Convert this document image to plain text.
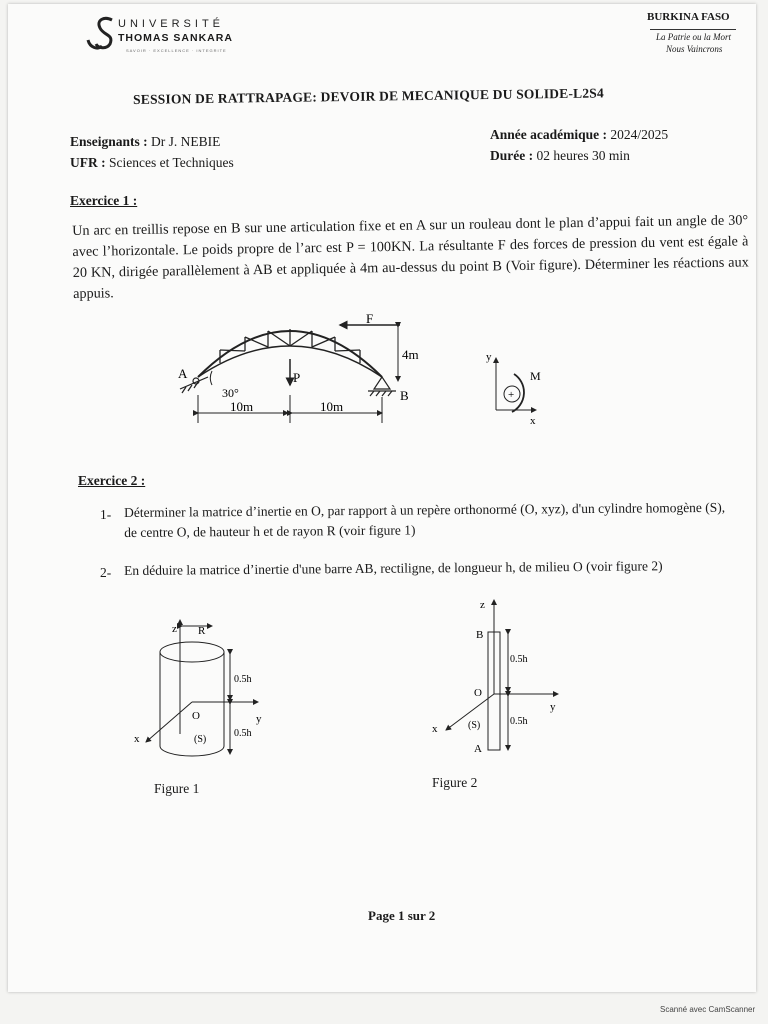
UNIVERSITÉ
THOMAS SANKARA
SAVOIR · EXCELLENCE · INTEGRITE
BURKINA FASO
La Patrie ou la Mort
Nous Vaincrons
SESSION DE RATTRAPAGE: DEVOIR DE MECANIQUE DU SOLIDE-L2S4
Enseignants : Dr J. NEBIE
UFR : Sciences et Techniques
Année académique : 2024/2025
Durée : 02 heures 30 min
Exercice 1 :
Un arc en treillis repose en B sur une articulation fixe et en A sur un rouleau dont le plan d’appui fait un angle de 30° avec l’horizontale. Le poids propre de l’arc est P = 100KN. La résultante F des forces de pression du vent est égale à 20 KN, dirigée parallèlement à AB et appliquée à 4m au-dessus du point B (Voir figure). Déterminer les réactions aux appuis.
A
B
F
P
30°
10m	10m
4m	y
x
M
+
Exercice 2 :
1- Déterminer la matrice d’inertie en O, par rapport à un repère orthonormé (O, xyz), d'un cylindre homogène (S), de centre O, de hauteur h et de rayon R (voir figure 1)
2- En déduire la matrice d’inertie d'une barre AB, rectiligne, de longueur h, de milieu O (voir figure 2)
z R
0.5h
0.5h
O	y
x	(S)
Figure 1
z
B
0.5h
O
y
x	(S)	0.5h
A
Figure 2
Page 1 sur 2
Scanné avec CamScanner
